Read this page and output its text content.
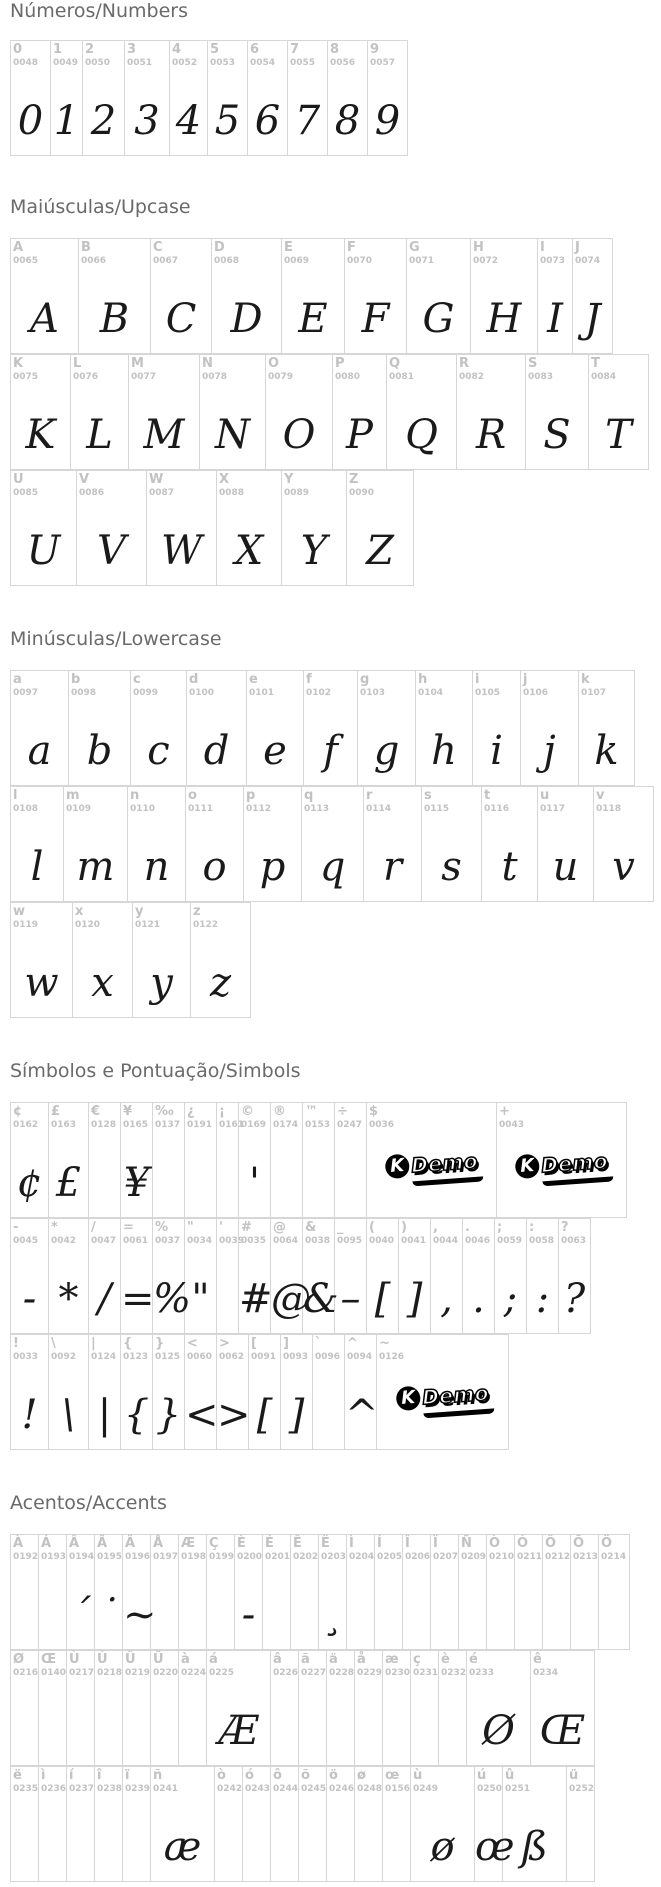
Números/Numbers
0
0048
0
1
0049
1
2
0050
2
3
0051
3
4
0052
4
5
0053
5
6
0054
6
7
0055
7
8
0056
8
9
0057
9
Maiúsculas/Upcase
A
0065
A
B
0066
B
C
0067
C
D
0068
D
E
0069
E
F
0070
F
G
0071
G
H
0072
H
I
0073
I
J
0074
J
K
0075
K
L
0076
L
M
0077
M
N
0078
N
O
0079
O
P
0080
P
Q
0081
Q
R
0082
R
S
0083
S
T
0084
T
U
0085
U
V
0086
V
W
0087
W
X
0088
X
Y
0089
Y
Z
0090
Z
Minúsculas/Lowercase
a
0097
a
b
0098
b
c
0099
c
d
0100
d
e
0101
e
f
0102
f
g
0103
g
h
0104
h
i
0105
i
j
0106
j
k
0107
k
l
0108
l
m
0109
m
n
0110
n
o
0111
o
p
0112
p
q
0113
q
r
0114
r
s
0115
s
t
0116
t
u
0117
u
v
0118
v
w
0119
w
x
0120
x
y
0121
y
z
0122
z
Símbolos e Pontuação/Simbols
¢
0162
¢
£
0163
£
€
0128
¥
0165
¥
‰
0137
¿
0191
¡
0161
©
0169
'
®
0174
™
0153
÷
0247
$
0036
K Demo
+
0043
K Demo
-
0045
-
*
0042
*
/
0047
/
=
0061
=
%
0037
%
"
0034
"
'
0039
#
0035
#
@
0064
@
&
0038
&
_
0095
–
(
0040
[
)
0041
]
,
0044
,
.
0046
.
;
0059
;
:
0058
:
?
0063
?
!
0033
!
\
0092
\
|
0124
|
{
0123
{
}
0125
}
<
0060
<
>
0062
>
[
0091
[
]
0093
]
`
0096
^
0094
^
~
0126
K Demo
Acentos/Accents
À
0192
Á
0193
Â
0194
ˊ
Ã
0195
˙
Ä
0196
~
Å
0197
Æ
0198
Ç
0199
È
0200
-
É
0201
Ê
0202
Ë
0203
¸
Ì
0204
Í
0205
Î
0206
Ï
0207
Ñ
0209
Ò
0210
Ó
0211
Ô
0212
Õ
0213
Ö
0214
Ø
0216
Œ
0140
Ù
0217
Ú
0218
Û
0219
Ü
0220
à
0224
á
0225
Æ
â
0226
ã
0227
ä
0228
å
0229
æ
0230
ç
0231
è
0232
é
0233
Ø
ê
0234
Œ
ë
0235
ì
0236
í
0237
î
0238
ï
0239
ñ
0241
æ
ò
0242
ó
0243
ô
0244
õ
0245
ö
0246
ø
0248
œ
0156
ù
0249
ø
ú
0250
œ
û
0251
ß
ü
0252
